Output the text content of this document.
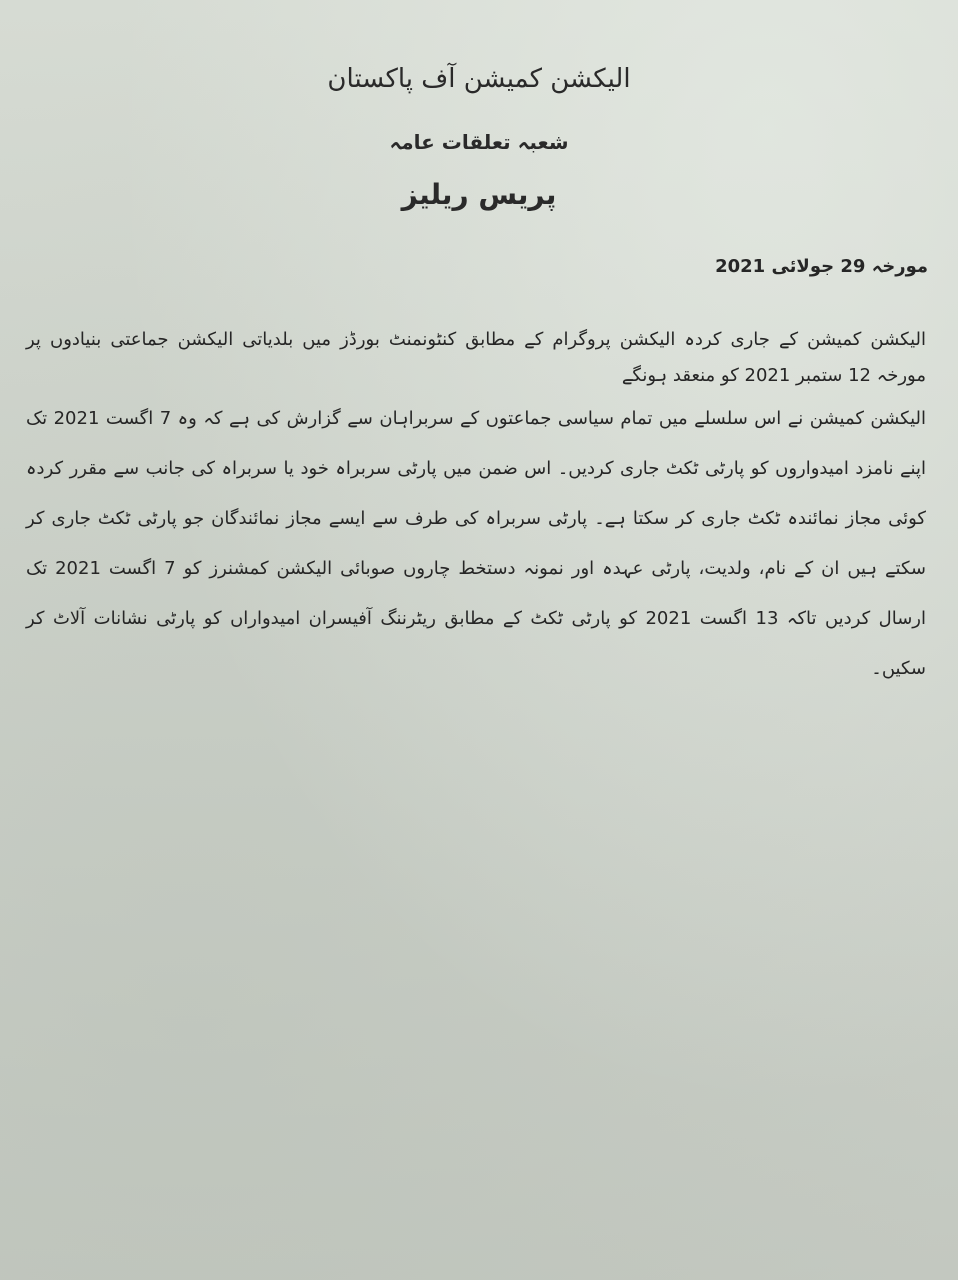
الیکشن کمیشن آف پاکستان
شعبہ تعلقات عامہ
پریس ریلیز
مورخہ 29 جولائی 2021
الیکشن کمیشن کے جاری کردہ الیکشن پروگرام کے مطابق کنٹونمنٹ بورڈز میں بلدیاتی الیکشن جماعتی بنیادوں پر مورخہ 12 ستمبر 2021 کو منعقد ہونگے
الیکشن کمیشن نے اس سلسلے میں تمام سیاسی جماعتوں کے سربراہان سے گزارش کی ہے کہ وہ 7 اگست 2021 تک اپنے نامزد امیدواروں کو پارٹی ٹکٹ جاری کردیں۔ اس ضمن میں پارٹی سربراہ خود یا سربراہ کی جانب سے مقرر کردہ کوئی مجاز نمائندہ ٹکٹ جاری کر سکتا ہے۔ پارٹی سربراہ کی طرف سے ایسے مجاز نمائندگان جو پارٹی ٹکٹ جاری کر سکتے ہیں ان کے نام، ولدیت، پارٹی عہدہ اور نمونہ دستخط چاروں صوبائی الیکشن کمشنرز کو 7 اگست 2021 تک ارسال کردیں تاکہ 13 اگست 2021 کو پارٹی ٹکٹ کے مطابق ریٹرننگ آفیسران امیدواراں کو پارٹی نشانات آلاٹ کر سکیں۔
